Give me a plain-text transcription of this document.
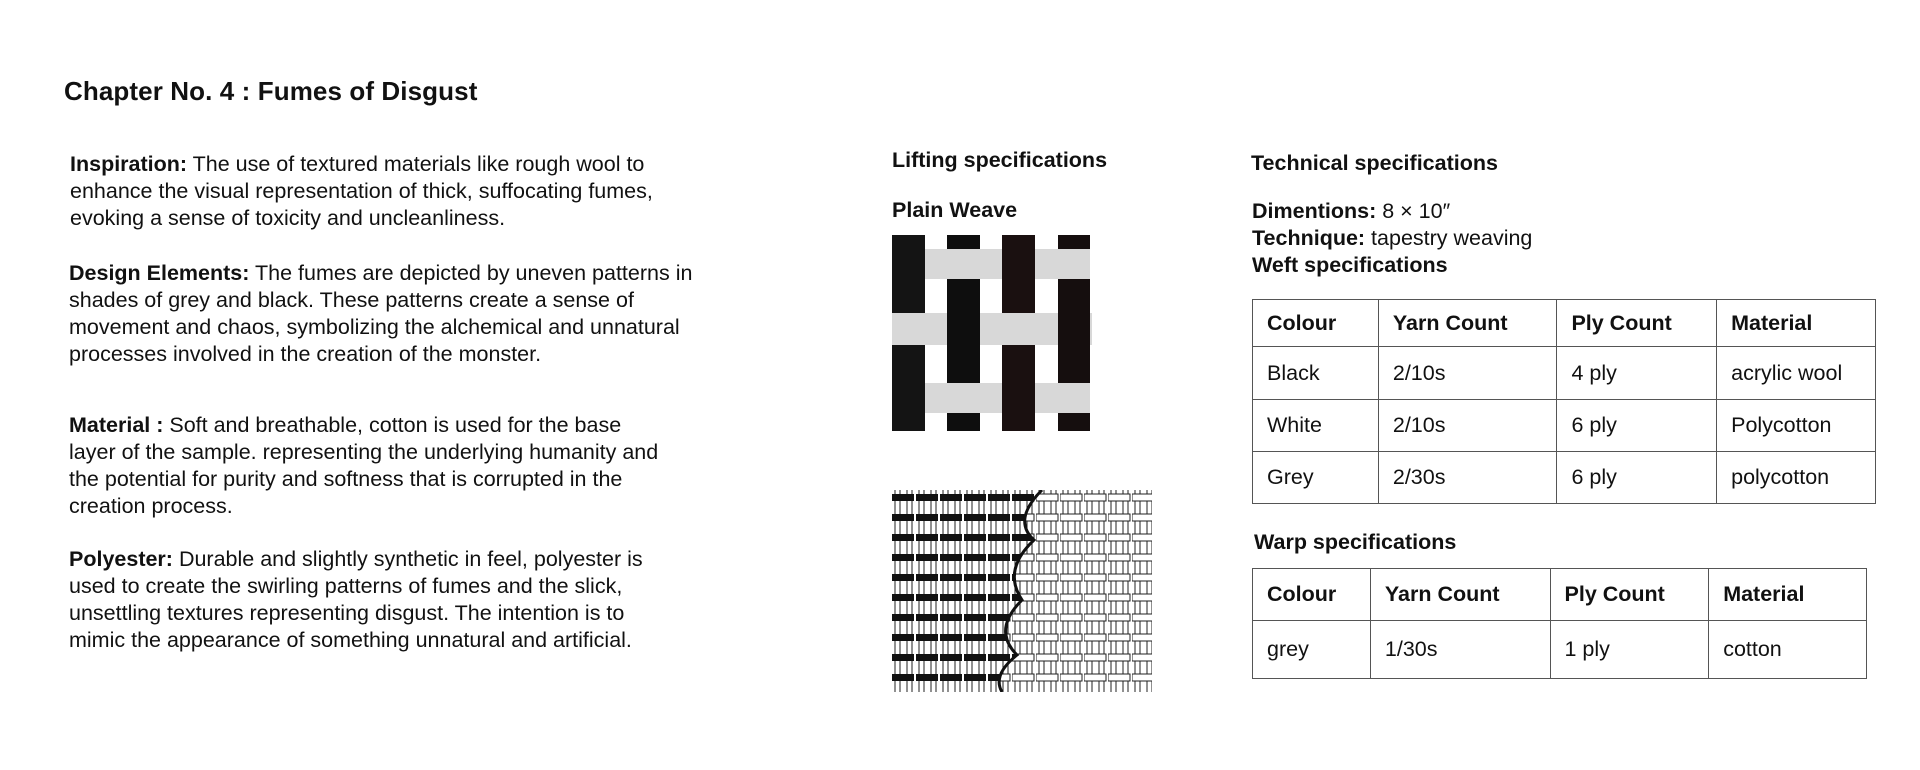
Chapter No. 4 : Fumes of Disgust

Inspiration: The use of textured materials like rough wool to enhance the visual representation of thick, suffocating fumes, evoking a sense of toxicity and uncleanliness.

Design Elements: The fumes are depicted by uneven patterns in shades of grey and black. These patterns create a sense of movement and chaos, symbolizing the alchemical and unnatural processes involved in the creation of the monster.

Material : Soft and breathable, cotton is used for the base layer of the sample. representing the underlying humanity and the potential for purity and softness that is corrupted in the creation process.

Polyester: Durable and slightly synthetic in feel, polyester is used to create the swirling patterns of fumes and the slick, unsettling textures representing disgust. The intention is to mimic the appearance of something unnatural and artificial.

Lifting specifications
Plain Weave
Technical specifications

Dimentions: 8 × 10″

Technique: tapestry weaving

Weft specifications

Colour	Yarn Count	Ply Count	Material
Black	2/10s	4 ply	acrylic wool
White	2/10s	6 ply	Polycotton
Grey	2/30s	6 ply	polycotton
Warp specifications
Colour	Yarn Count	Ply Count	Material
grey	1/30s	1 ply	cotton
